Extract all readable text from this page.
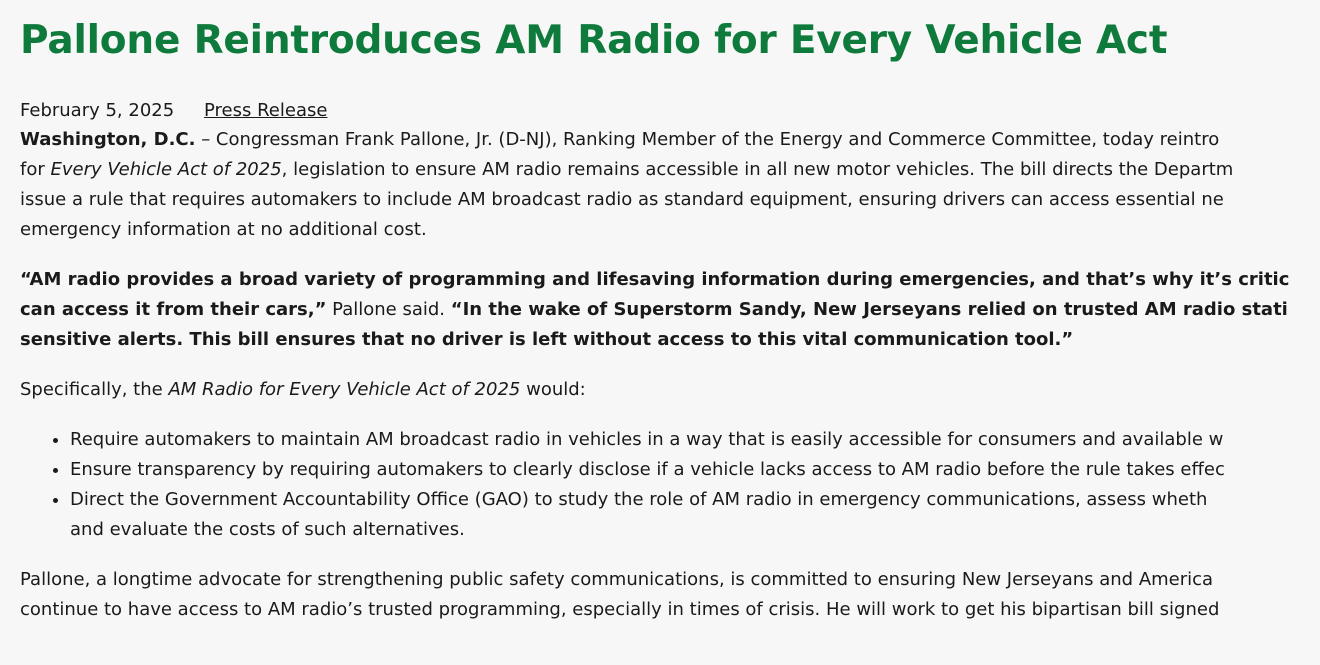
Pallone Reintroduces AM Radio for Every Vehicle Act
February 5, 2025 Press Release

Washington, D.C. – Congressman Frank Pallone, Jr. (D-NJ), Ranking Member of the Energy and Commerce Committee, today reintro

for Every Vehicle Act of 2025, legislation to ensure AM radio remains accessible in all new motor vehicles. The bill directs the Departm

issue a rule that requires automakers to include AM broadcast radio as standard equipment, ensuring drivers can access essential ne

emergency information at no additional cost.

“AM radio provides a broad variety of programming and lifesaving information during emergencies, and that’s why it’s critic

can access it from their cars,” Pallone said. “In the wake of Superstorm Sandy, New Jerseyans relied on trusted AM radio stati

sensitive alerts. This bill ensures that no driver is left without access to this vital communication tool.”

Specifically, the AM Radio for Every Vehicle Act of 2025 would:

• Require automakers to maintain AM broadcast radio in vehicles in a way that is easily accessible for consumers and available w
• Ensure transparency by requiring automakers to clearly disclose if a vehicle lacks access to AM radio before the rule takes effec
• Direct the Government Accountability Office (GAO) to study the role of AM radio in emergency communications, assess wheth
and evaluate the costs of such alternatives.

Pallone, a longtime advocate for strengthening public safety communications, is committed to ensuring New Jerseyans and America

continue to have access to AM radio’s trusted programming, especially in times of crisis. He will work to get his bipartisan bill signed
